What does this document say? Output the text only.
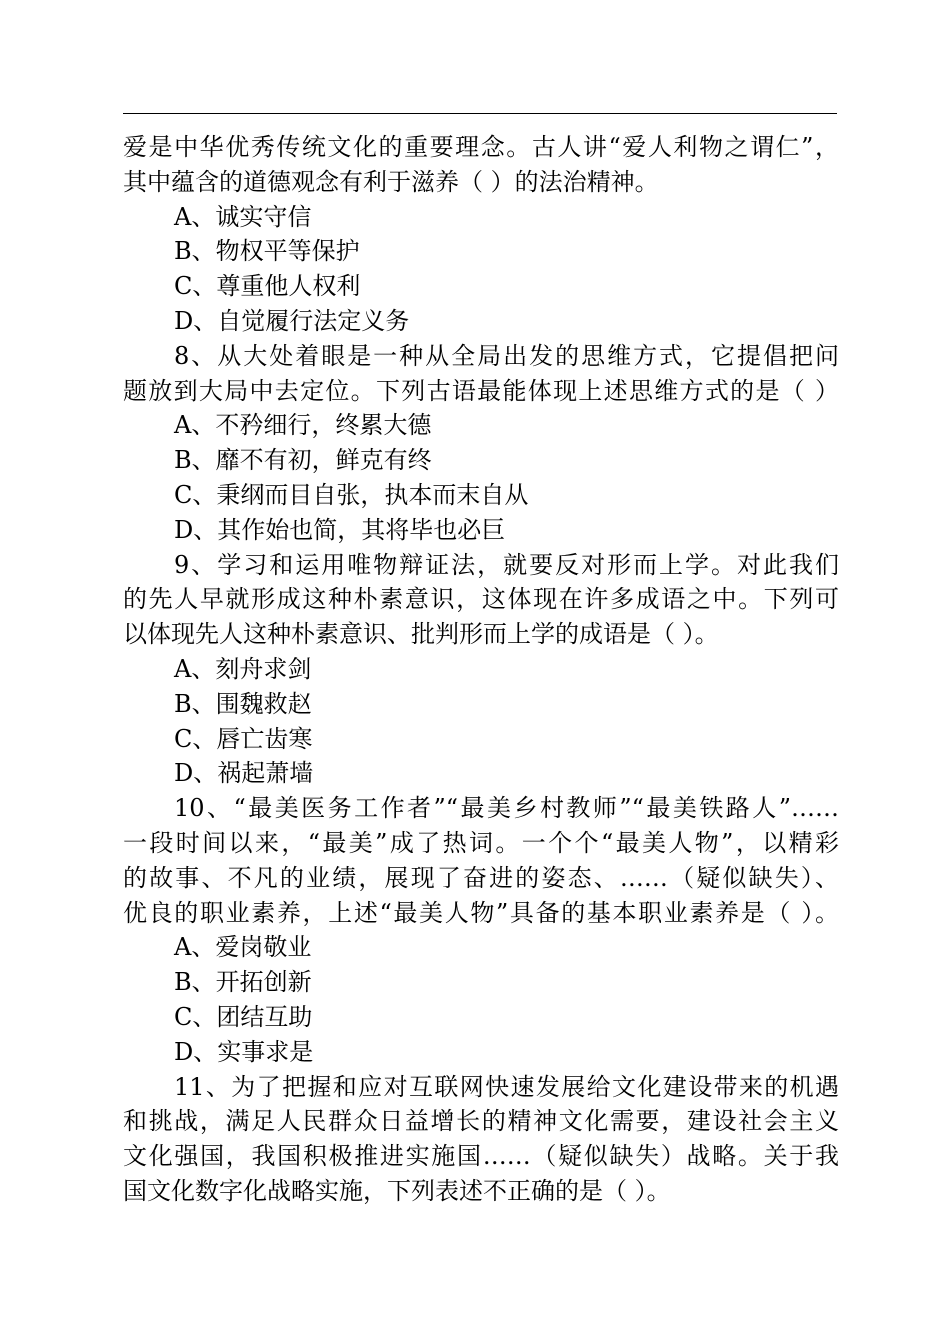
爱是中华优秀传统文化的重要理念。古人讲“爱人利物之谓仁”，
其中蕴含的道德观念有利于滋养（ ）的法治精神。
A、诚实守信
B、物权平等保护
C、尊重他人权利
D、自觉履行法定义务
8、从大处着眼是一种从全局出发的思维方式，它提倡把问
题放到大局中去定位。下列古语最能体现上述思维方式的是（ ）
A、不矜细行，终累大德
B、靡不有初，鲜克有终
C、秉纲而目自张，执本而末自从
D、其作始也简，其将毕也必巨
9、学习和运用唯物辩证法，就要反对形而上学。对此我们
的先人早就形成这种朴素意识，这体现在许多成语之中。下列可
以体现先人这种朴素意识、批判形而上学的成语是（ ）。
A、刻舟求剑
B、围魏救赵
C、唇亡齿寒
D、祸起萧墙
10、“最美医务工作者”“最美乡村教师”“最美铁路人”……
一段时间以来，“最美”成了热词。一个个“最美人物”，以精彩
的故事、不凡的业绩，展现了奋进的姿态、……（疑似缺失）、
优良的职业素养，上述“最美人物”具备的基本职业素养是（ ）。
A、爱岗敬业
B、开拓创新
C、团结互助
D、实事求是
11、为了把握和应对互联网快速发展给文化建设带来的机遇
和挑战，满足人民群众日益增长的精神文化需要，建设社会主义
文化强国，我国积极推进实施国……（疑似缺失）战略。关于我
国文化数字化战略实施，下列表述不正确的是（ ）。
